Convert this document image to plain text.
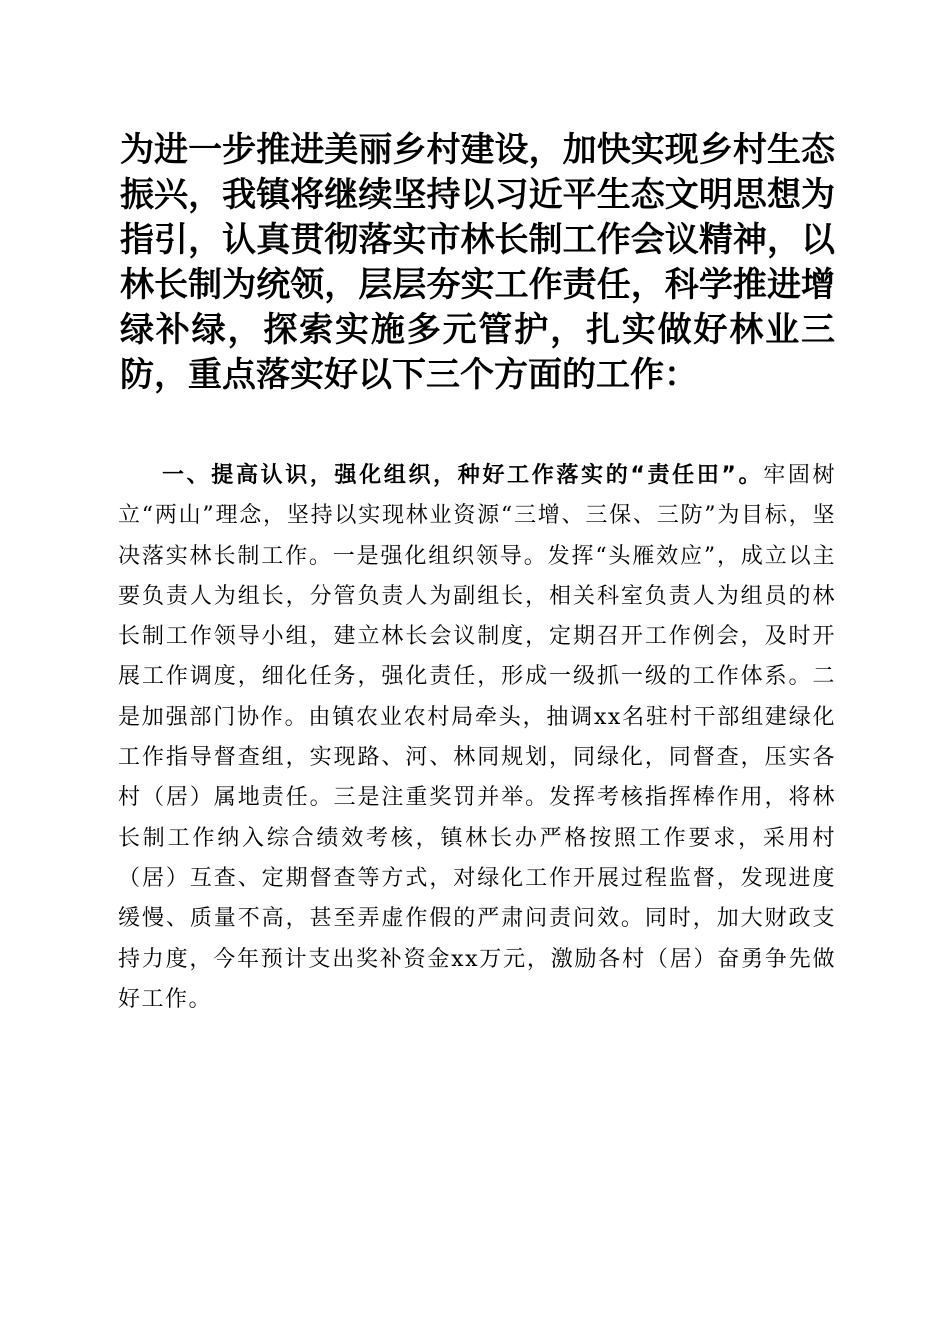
为进一步推进美丽乡村建设，加快实现乡村生态振兴，我镇将继续坚持以习近平生态文明思想为指引，认真贯彻落实市林长制工作会议精神，以林长制为统领，层层夯实工作责任，科学推进增绿补绿，探索实施多元管护，扎实做好林业三防，重点落实好以下三个方面的工作：

一、提高认识，强化组织，种好工作落实的“责任田”。牢固树立“两山”理念，坚持以实现林业资源“三增、三保、三防”为目标，坚决落实林长制工作。一是强化组织领导。发挥“头雁效应”，成立以主要负责人为组长，分管负责人为副组长，相关科室负责人为组员的林长制工作领导小组，建立林长会议制度，定期召开工作例会，及时开展工作调度，细化任务，强化责任，形成一级抓一级的工作体系。二是加强部门协作。由镇农业农村局牵头，抽调xx名驻村干部组建绿化工作指导督查组，实现路、河、林同规划，同绿化，同督查，压实各村（居）属地责任。三是注重奖罚并举。发挥考核指挥棒作用，将林长制工作纳入综合绩效考核，镇林长办严格按照工作要求，采用村（居）互查、定期督查等方式，对绿化工作开展过程监督，发现进度缓慢、质量不高，甚至弄虚作假的严肃问责问效。同时，加大财政支持力度，今年预计支出奖补资金xx万元，激励各村（居）奋勇争先做好工作。
